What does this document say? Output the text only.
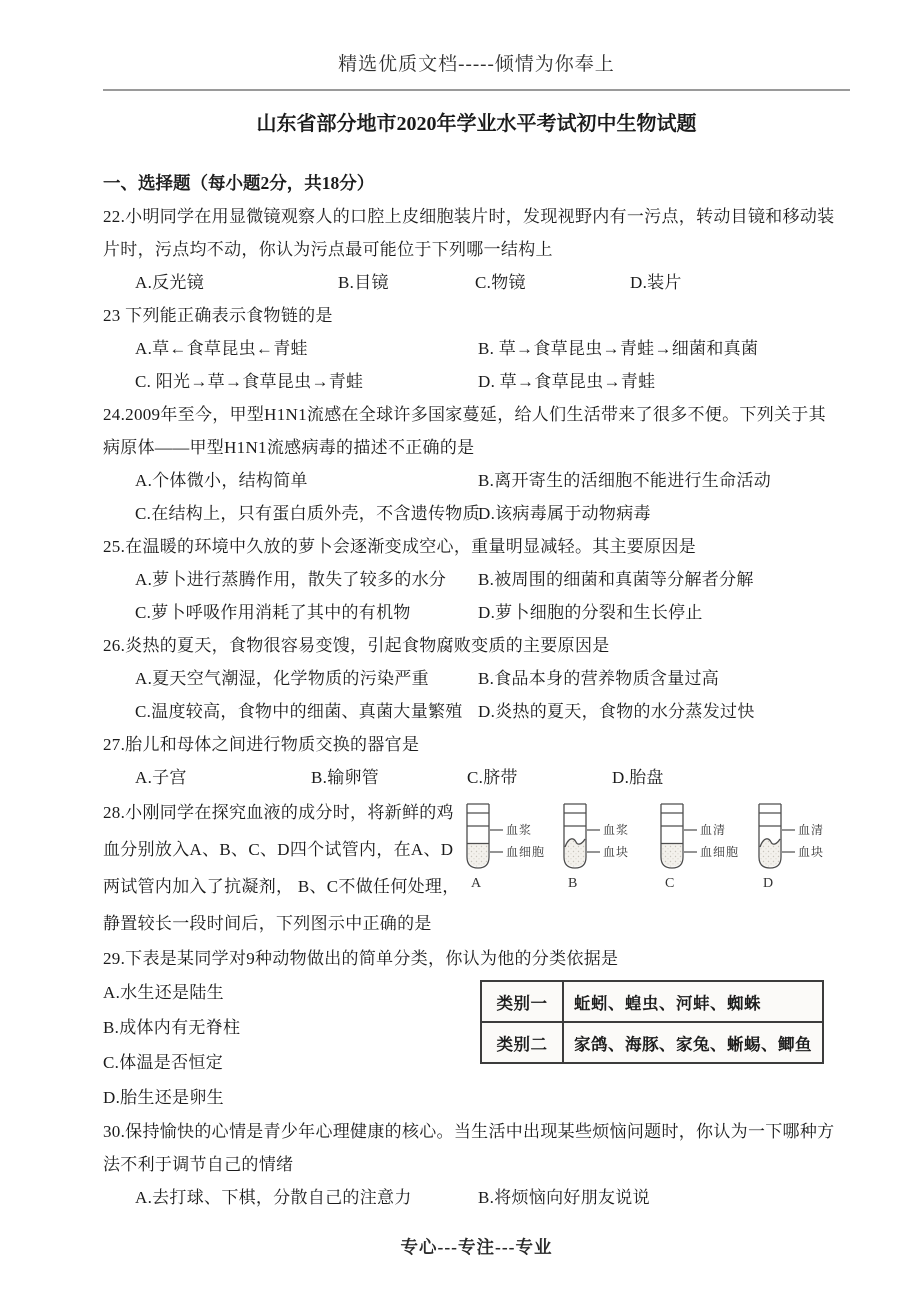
精选优质文档-----倾情为你奉上
山东省部分地市2020年学业水平考试初中生物试题
一、选择题（每小题2分，共18分）
22.小明同学在用显微镜观察人的口腔上皮细胞装片时，发现视野内有一污点，转动目镜和移动装
片时，污点均不动，你认为污点最可能位于下列哪一结构上
A.反光镜	B.目镜	C.物镜	D.装片
23 下列能正确表示食物链的是
A.草←食草昆虫←青蛙	B. 草→食草昆虫→青蛙→细菌和真菌
C. 阳光→草→食草昆虫→青蛙	D. 草→食草昆虫→青蛙
24.2009年至今，甲型H1N1流感在全球许多国家蔓延，给人们生活带来了很多不便。下列关于其
病原体——甲型H1N1流感病毒的描述不正确的是
A.个体微小，结构简单	B.离开寄生的活细胞不能进行生命活动
C.在结构上，只有蛋白质外壳，不含遗传物质
D.该病毒属于动物病毒
25.在温暖的环境中久放的萝卜会逐渐变成空心，重量明显减轻。其主要原因是
A.萝卜进行蒸腾作用，散失了较多的水分	B.被周围的细菌和真菌等分解者分解
C.萝卜呼吸作用消耗了其中的有机物	D.萝卜细胞的分裂和生长停止
26.炎热的夏天，食物很容易变馊，引起食物腐败变质的主要原因是
A.夏天空气潮湿，化学物质的污染严重	B.食品本身的营养物质含量过高
C.温度较高，食物中的细菌、真菌大量繁殖 D.炎热的夏天，食物的水分蒸发过快
27.胎儿和母体之间进行物质交换的器官是
A.子宫	B.输卵管	C.脐带	D.胎盘
28.小刚同学在探究血液的成分时，将新鲜的鸡
血分别放入A、B、C、D四个试管内，在A、D
两试管内加入了抗凝剂， B、C不做任何处理，
静置较长一段时间后，下列图示中正确的是
血浆
血细胞
A
血浆
血块
B
血清
血细胞
C
血清
血块
D
29.下表是某同学对9种动物做出的简单分类，你认为他的分类依据是
A.水生还是陆生
B.成体内有无脊柱
C.体温是否恒定
D.胎生还是卵生
类别一	蚯蚓、蝗虫、河蚌、蜘蛛
类别二	家鸽、海豚、家兔、蜥蜴、鲫鱼
30.保持愉快的心情是青少年心理健康的核心。当生活中出现某些烦恼问题时，你认为一下哪种方
法不利于调节自己的情绪
A.去打球、下棋，分散自己的注意力	B.将烦恼向好朋友说说
专心---专注---专业
